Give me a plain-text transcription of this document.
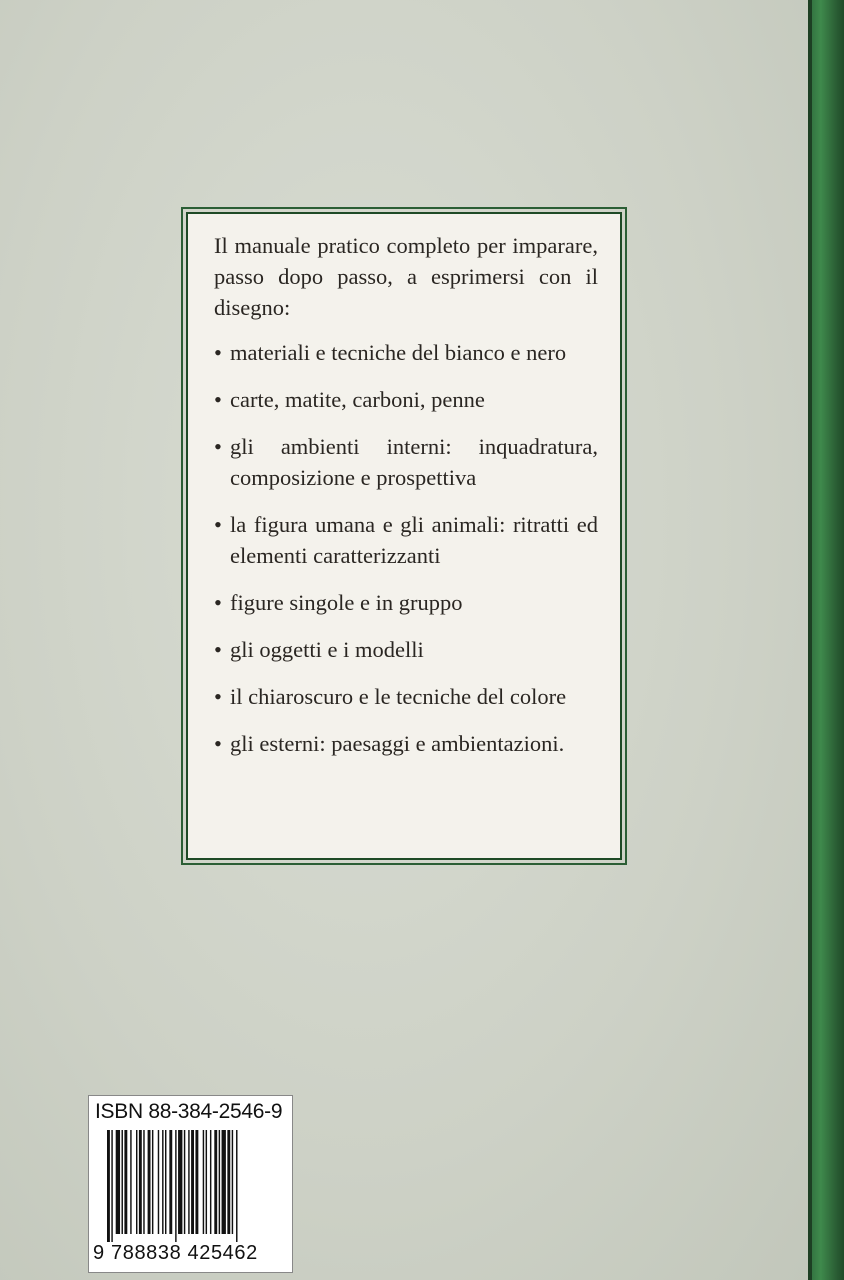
Il manuale pratico completo per imparare, passo dopo passo, a esprimersi con il disegno:

• materiali e tecniche del bianco e nero
• carte, matite, carboni, penne
• gli ambienti interni: inquadratura, composizione e prospettiva
• la figura umana e gli animali: ritratti ed elementi caratterizzanti
• figure singole e in gruppo
• gli oggetti e i modelli
• il chiaroscuro e le tecniche del colore
• gli esterni: paesaggi e ambientazioni.
ISBN 88-384-2546-9
9 788838 425462
